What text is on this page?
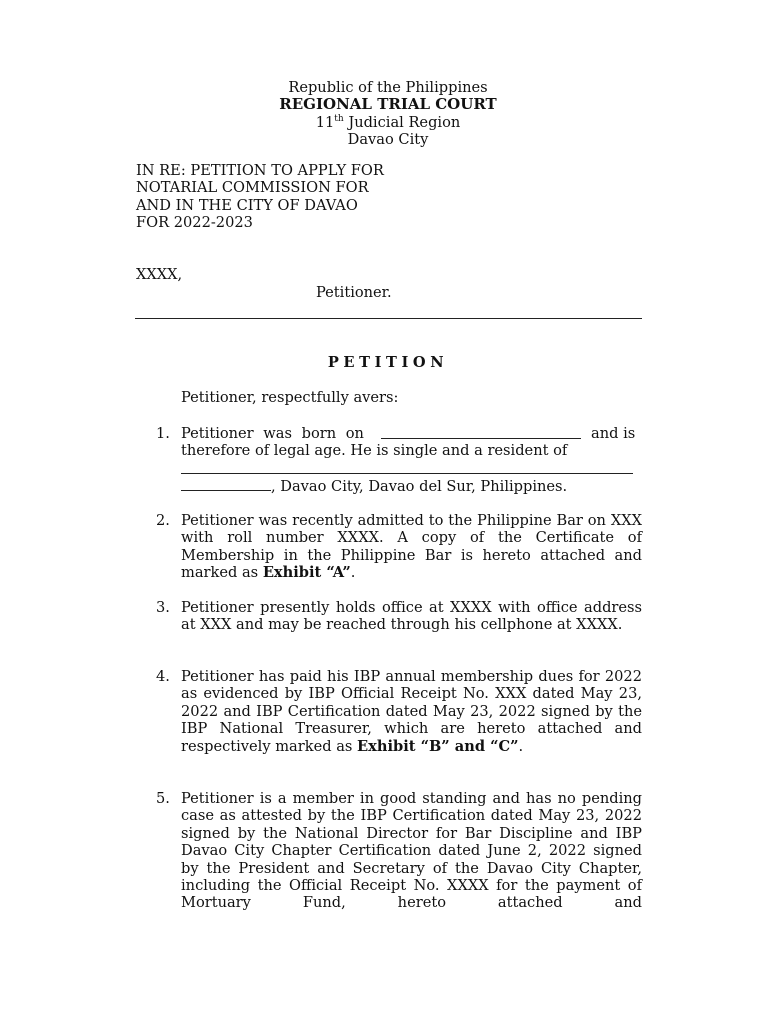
Republic of the Philippines
REGIONAL TRIAL COURT
11th Judicial Region
Davao City
IN RE: PETITION TO APPLY FOR
NOTARIAL COMMISSION FOR
AND IN THE CITY OF DAVAO
FOR 2022-2023
XXXX,
Petitioner.
PETITION
Petitioner, respectfully avers:
1. Petitioner was born on	and is
therefore of legal age. He is single and a resident of
, Davao City, Davao del Sur, Philippines.
2. Petitioner was recently admitted to the Philippine Bar on XXX with roll number XXXX. A copy of the Certificate of Membership in the Philippine Bar is hereto attached and marked as Exhibit “A”.

3. Petitioner presently holds office at XXXX with office address at XXX and may be reached through his cellphone at XXXX.

4. Petitioner has paid his IBP annual membership dues for 2022 as evidenced by IBP Official Receipt No. XXX dated May 23, 2022 and IBP Certification dated May 23, 2022 signed by the IBP National Treasurer, which are hereto attached and respectively marked as Exhibit “B” and “C”.

5. Petitioner is a member in good standing and has no pending case as attested by the IBP Certification dated May 23, 2022 signed by the National Director for Bar Discipline and IBP Davao City Chapter Certification dated June 2, 2022 signed by the President and Secretary of the Davao City Chapter, including the Official Receipt No. XXXX for the payment of Mortuary Fund, hereto attached and
